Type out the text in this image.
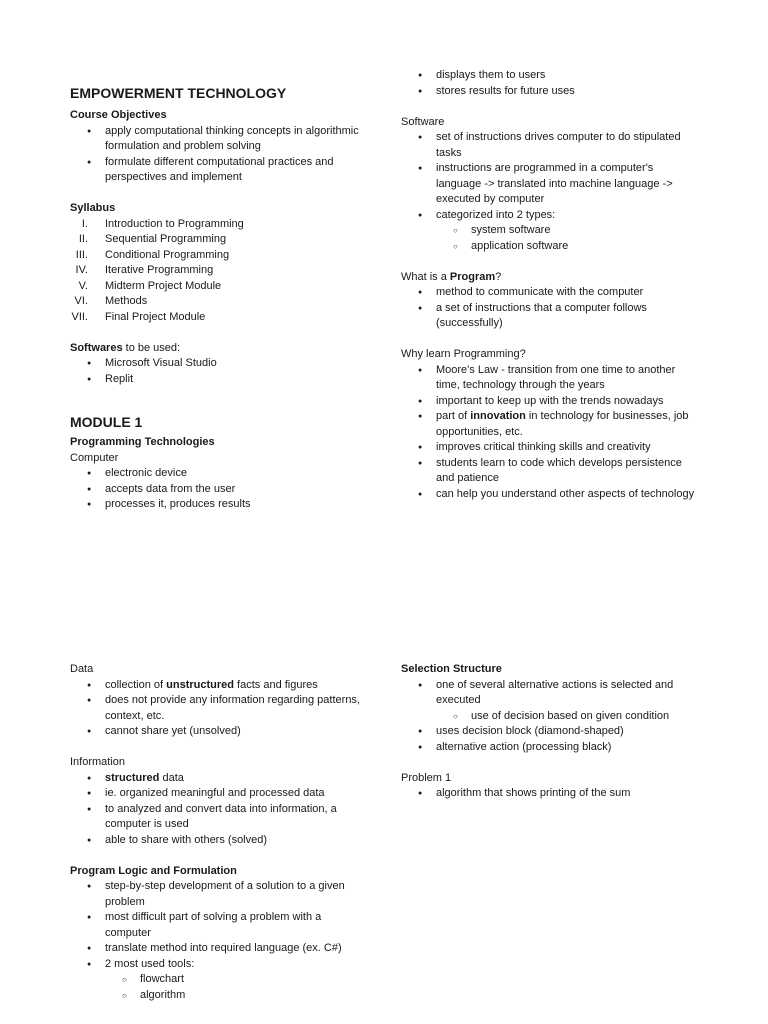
EMPOWERMENT TECHNOLOGY
Course Objectives
● apply computational thinking concepts in algorithmic formulation and problem solving
● formulate different computational practices and perspectives and implement
Syllabus
I. Introduction to Programming
II. Sequential Programming
III. Conditional Programming
IV. Iterative Programming
V. Midterm Project Module
VI. Methods
VII. Final Project Module
Softwares to be used:
● Microsoft Visual Studio
● Replit
MODULE 1
Programming Technologies
Computer
● electronic device
● accepts data from the user
● processes it, produces results
● displays them to users
● stores results for future uses
Software
● set of instructions drives computer to do stipulated tasks
● instructions are programmed in a computer's language -> translated into machine language -> executed by computer
● categorized into 2 types:
○ system software
○ application software
What is a Program?
● method to communicate with the computer
● a set of instructions that a computer follows (successfully)
Why learn Programming?
● Moore's Law - transition from one time to another time, technology through the years
● important to keep up with the trends nowadays
● part of innovation in technology for businesses, job opportunities, etc.
● improves critical thinking skills and creativity
● students learn to code which develops persistence and patience
● can help you understand other aspects of technology
Data
● collection of unstructured facts and figures
● does not provide any information regarding patterns, context, etc.
● cannot share yet (unsolved)
Information
● structured data
● ie. organized meaningful and processed data
● to analyzed and convert data into information, a computer is used
● able to share with others (solved)
Program Logic and Formulation
● step-by-step development of a solution to a given problem
● most difficult part of solving a problem with a computer
● translate method into required language (ex. C#)
● 2 most used tools:
○ flowchart
○ algorithm
Selection Structure
● one of several alternative actions is selected and executed
○ use of decision based on given condition
● uses decision block (diamond-shaped)
● alternative action (processing black)
Problem 1
● algorithm that shows printing of the sum
